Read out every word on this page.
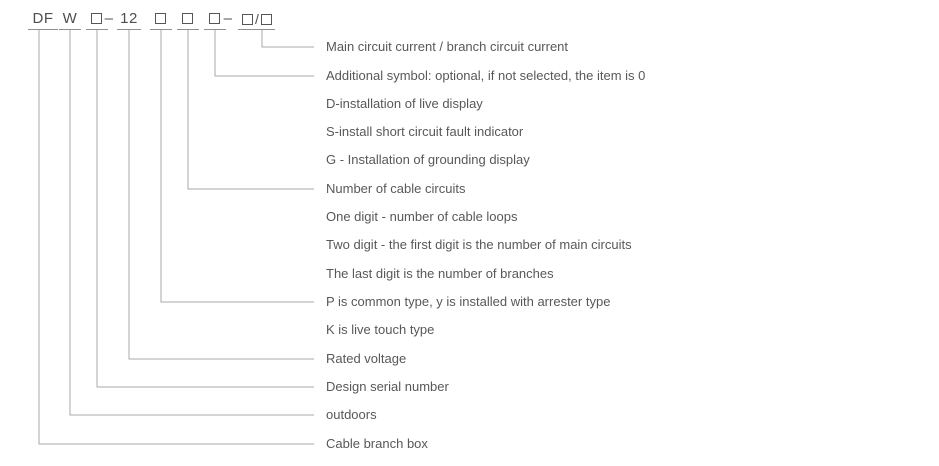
DF W	– 12	– /
Main circuit current / branch circuit current
Additional symbol: optional, if not selected, the item is 0
D-installation of live display
S-install short circuit fault indicator
G - Installation of grounding display
Number of cable circuits
One digit - number of cable loops
Two digit - the first digit is the number of main circuits
The last digit is the number of branches
P is common type, y is installed with arrester type
K is live touch type
Rated voltage
Design serial number
outdoors
Cable branch box
